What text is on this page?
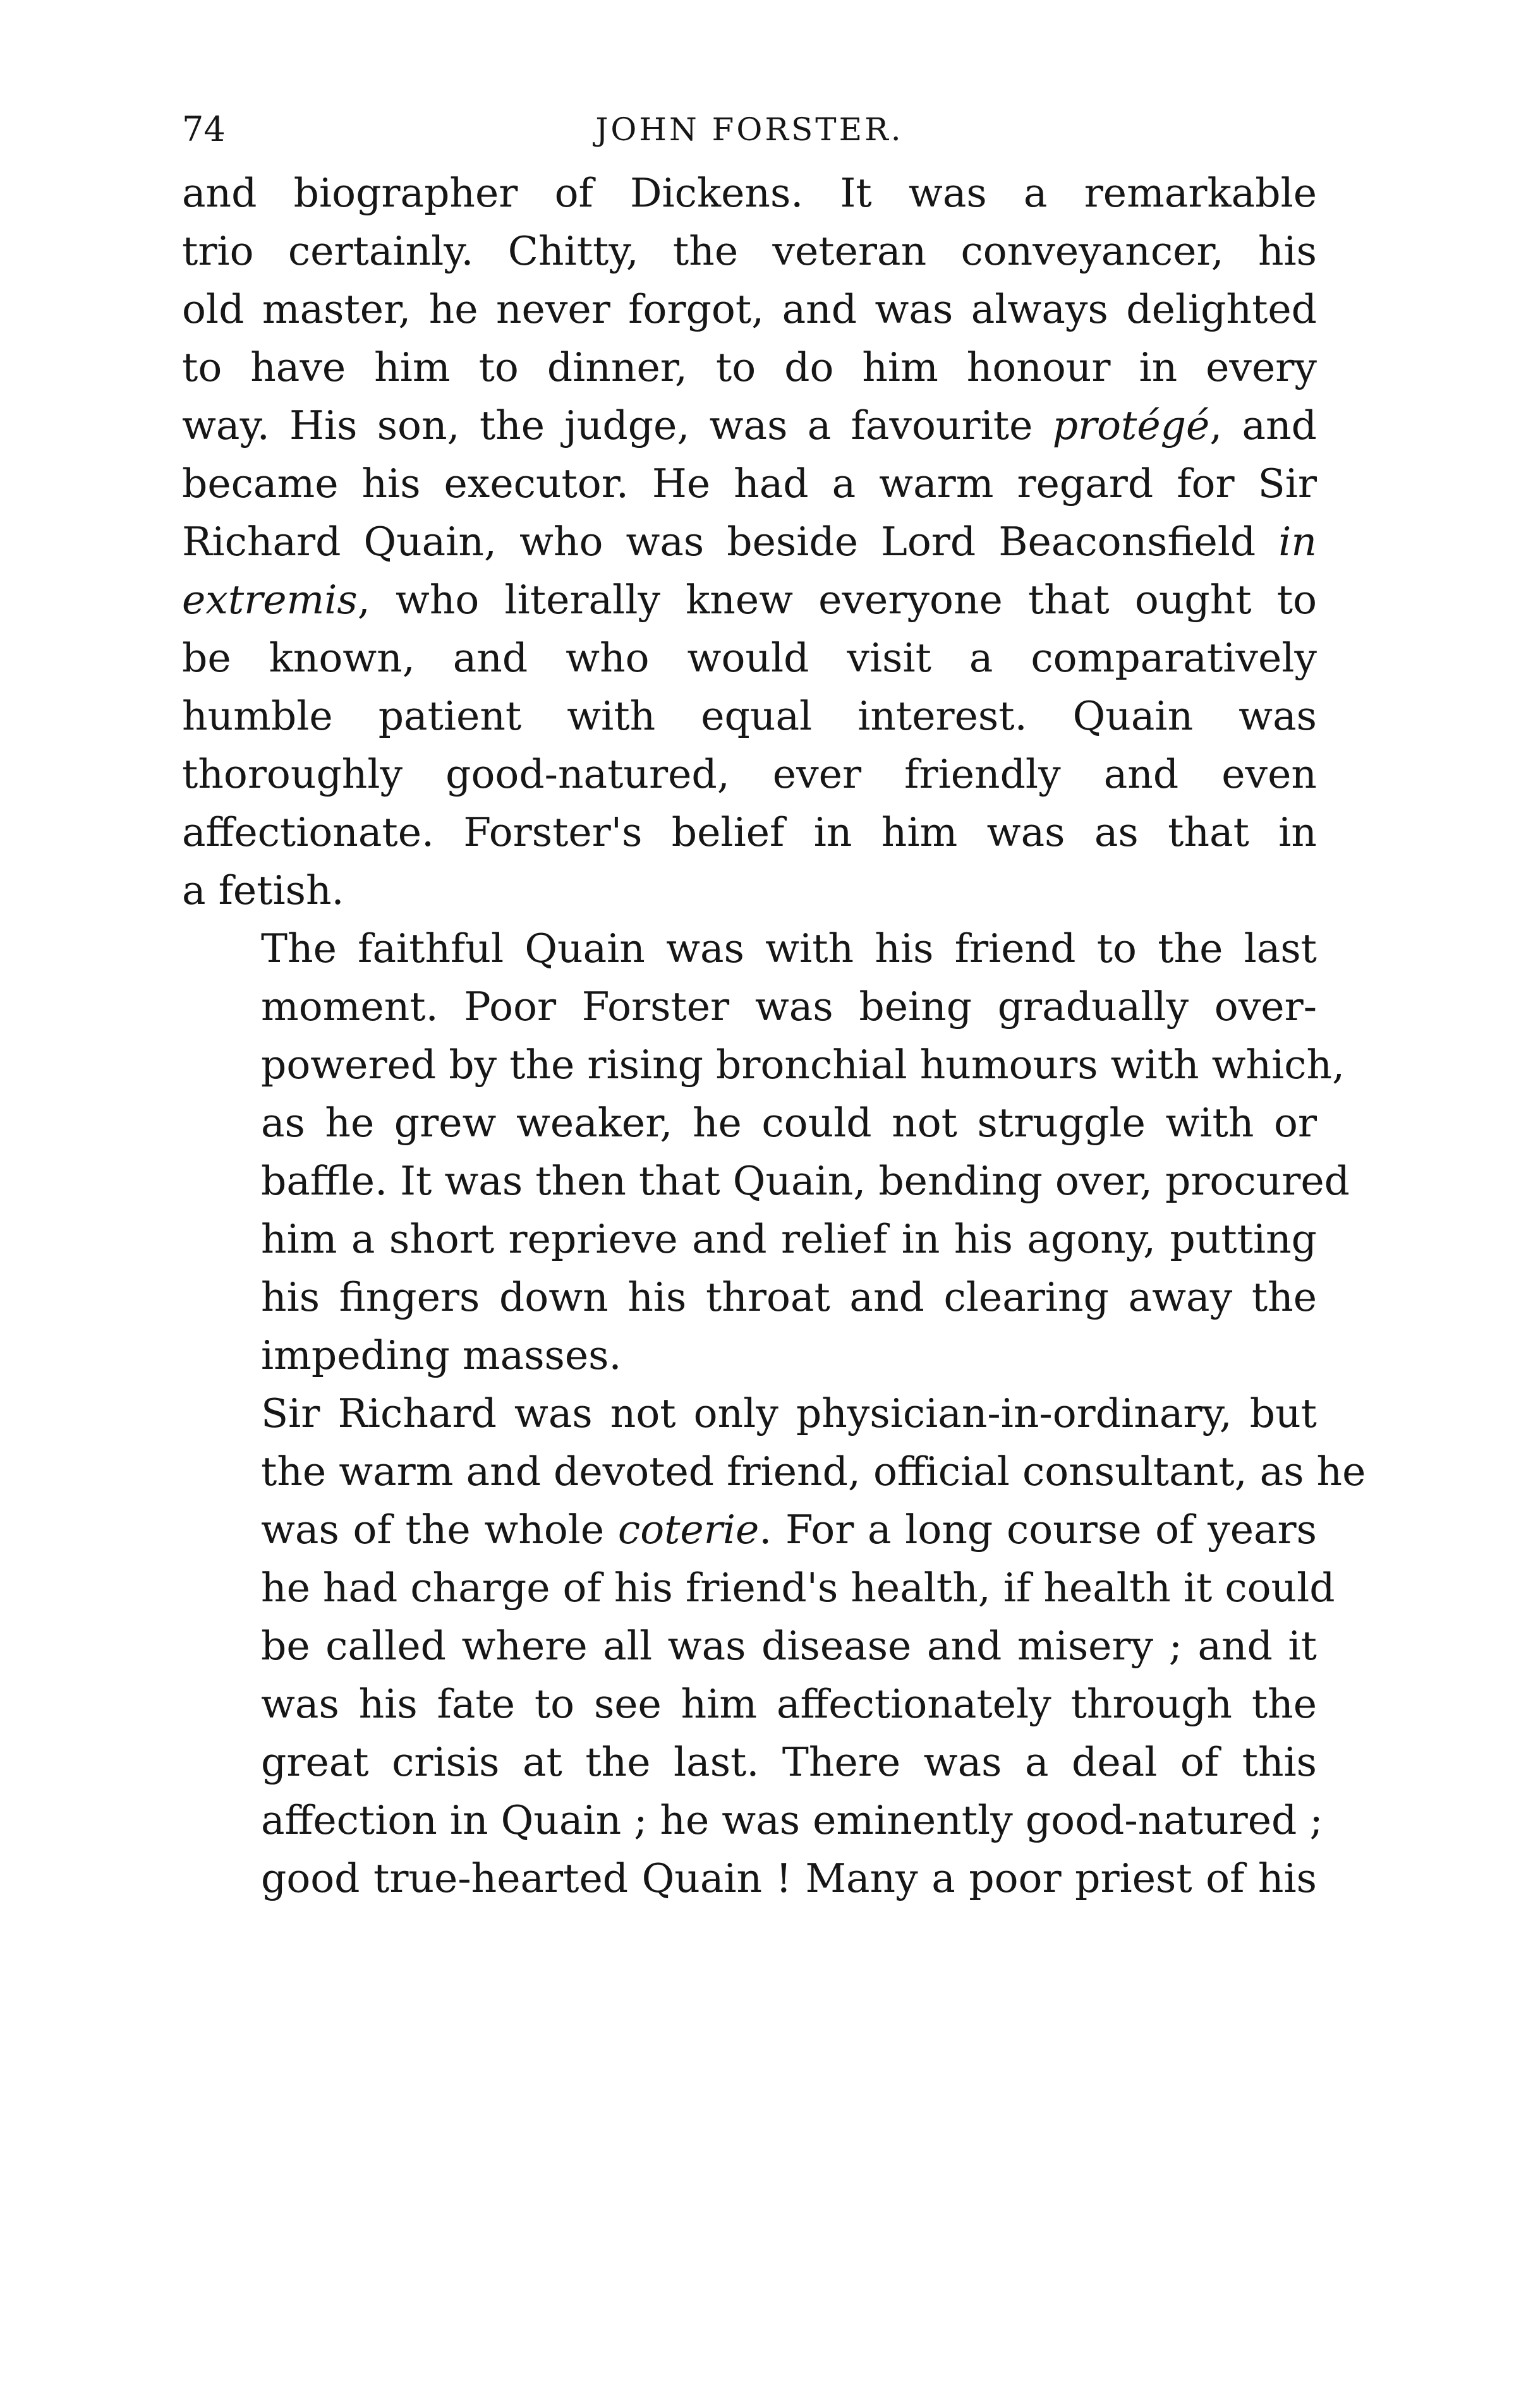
74	JOHN FORSTER.

and biographer of Dickens. It was a remarkable
trio certainly. Chitty, the veteran conveyancer, his
old master, he never forgot, and was always delighted
to have him to dinner, to do him honour in every
way. His son, the judge, was a favourite protégé, and
became his executor. He had a warm regard for Sir
Richard Quain, who was beside Lord Beaconsfield in
extremis, who literally knew everyone that ought to
be known, and who would visit a comparatively
humble patient with equal interest. Quain was
thoroughly good-natured, ever friendly and even
affectionate. Forster's belief in him was as that in
a fetish.

The faithful Quain was with his friend to the last
moment. Poor Forster was being gradually over-
powered by the rising bronchial humours with which,
as he grew weaker, he could not struggle with or
baffle. It was then that Quain, bending over, procured
him a short reprieve and relief in his agony, putting
his fingers down his throat and clearing away the
impeding masses.

Sir Richard was not only physician-in-ordinary, but
the warm and devoted friend, official consultant, as he
was of the whole coterie. For a long course of years
he had charge of his friend's health, if health it could
be called where all was disease and misery ; and it
was his fate to see him affectionately through the
great crisis at the last. There was a deal of this
affection in Quain ; he was eminently good-natured ;
good true-hearted Quain ! Many a poor priest of his
